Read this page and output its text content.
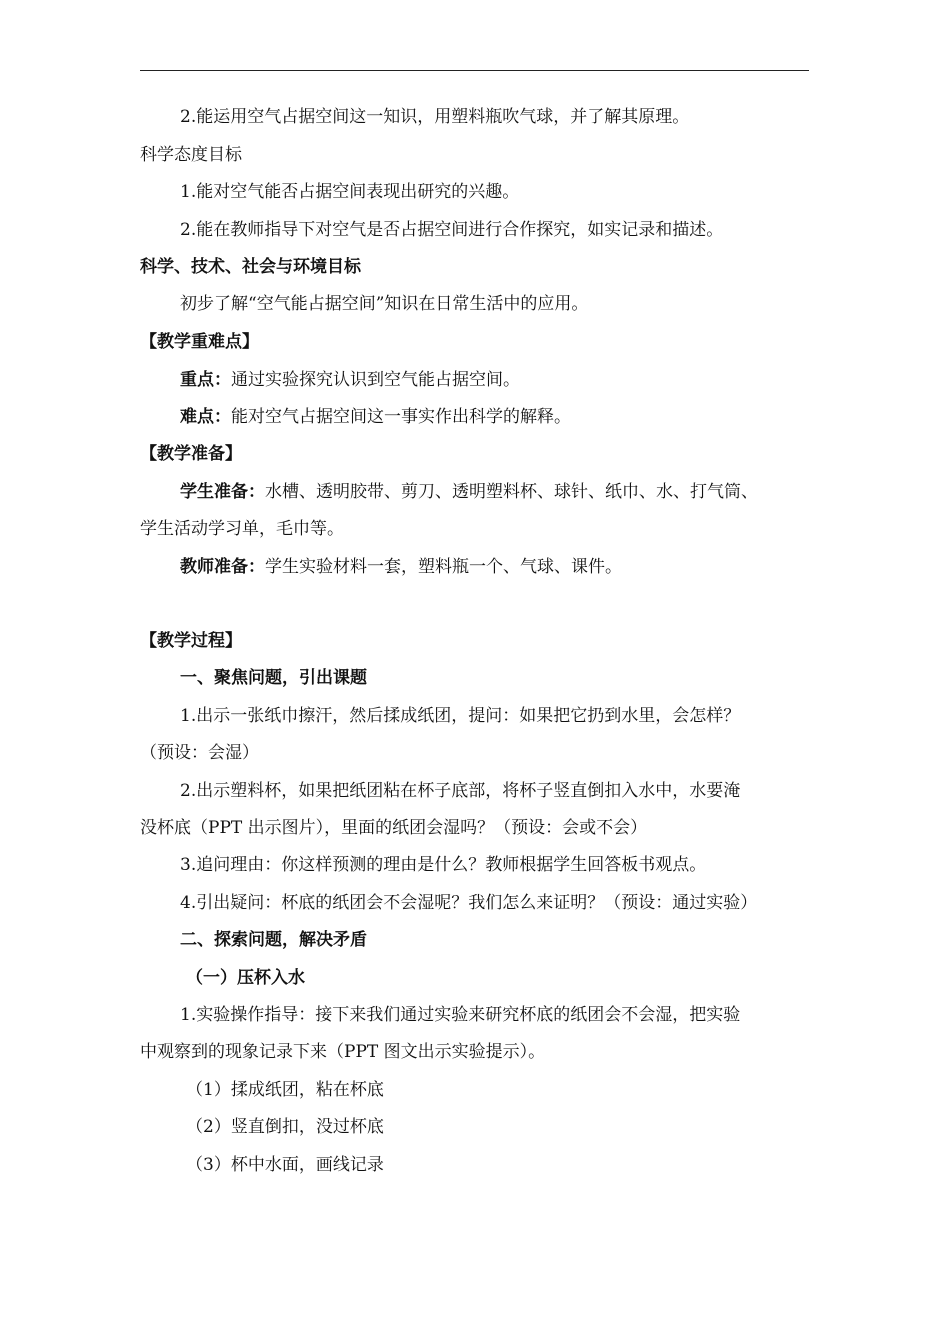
2.能运用空气占据空间这一知识，用塑料瓶吹气球，并了解其原理。
科学态度目标
1.能对空气能否占据空间表现出研究的兴趣。
2.能在教师指导下对空气是否占据空间进行合作探究，如实记录和描述。
科学、技术、社会与环境目标
初步了解“空气能占据空间”知识在日常生活中的应用。
【教学重难点】
重点：通过实验探究认识到空气能占据空间。
难点：能对空气占据空间这一事实作出科学的解释。
【教学准备】
学生准备：水槽、透明胶带、剪刀、透明塑料杯、球针、纸巾、水、打气筒、
学生活动学习单，毛巾等。
教师准备：学生实验材料一套，塑料瓶一个、气球、课件。
【教学过程】
一、聚焦问题，引出课题
1.出示一张纸巾擦汗，然后揉成纸团，提问：如果把它扔到水里，会怎样？
（预设：会湿）
2.出示塑料杯，如果把纸团粘在杯子底部，将杯子竖直倒扣入水中，水要淹
没杯底（PPT 出示图片），里面的纸团会湿吗？（预设：会或不会）
3.追问理由：你这样预测的理由是什么？教师根据学生回答板书观点。
4.引出疑问：杯底的纸团会不会湿呢？我们怎么来证明？（预设：通过实验）
二、探索问题，解决矛盾
（一）压杯入水
1.实验操作指导：接下来我们通过实验来研究杯底的纸团会不会湿，把实验
中观察到的现象记录下来（PPT 图文出示实验提示）。
（1）揉成纸团，粘在杯底
（2）竖直倒扣，没过杯底
（3）杯中水面，画线记录
